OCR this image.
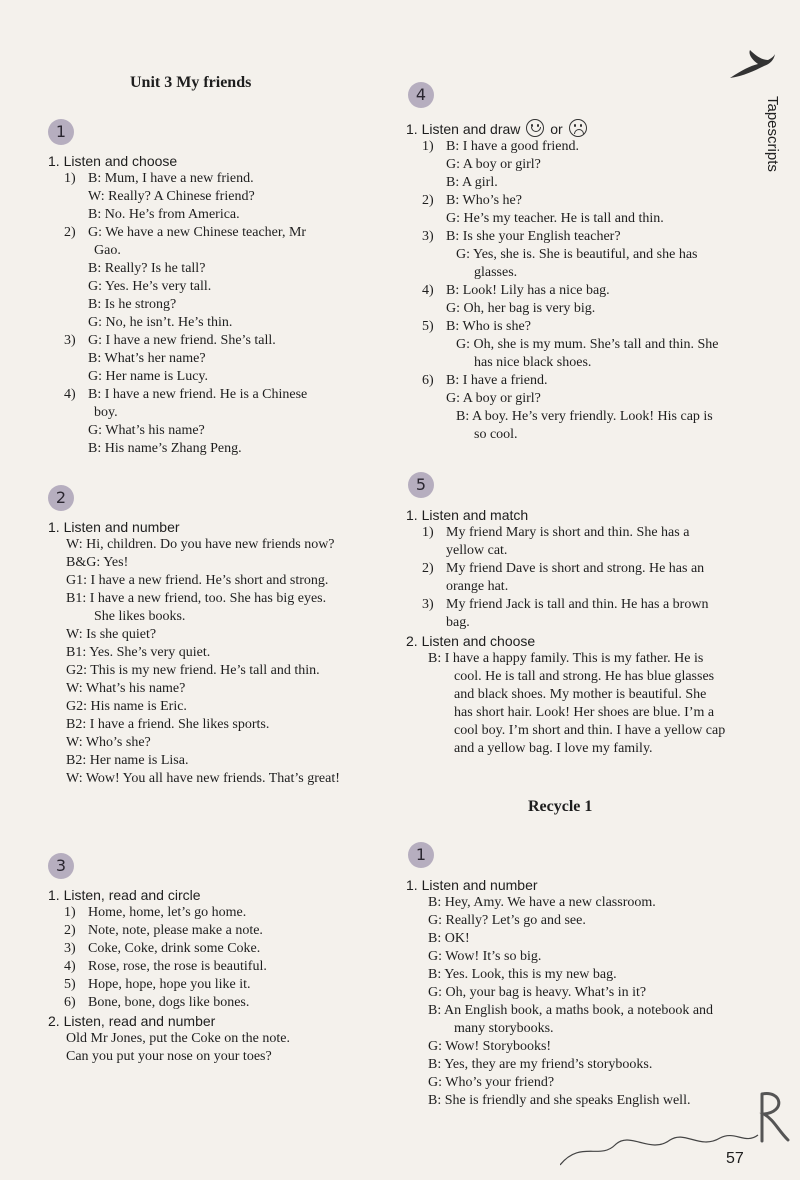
Tapescripts
Unit 3 My friends
1
1. Listen and choose
1) B: Mum, I have a new friend.
W: Really? A Chinese friend?
B: No. He’s from America.
2) G: We have a new Chinese teacher, Mr
Gao.
B: Really? Is he tall?
G: Yes. He’s very tall.
B: Is he strong?
G: No, he isn’t. He’s thin.
3) G: I have a new friend. She’s tall.
B: What’s her name?
G: Her name is Lucy.
4) B: I have a new friend. He is a Chinese
boy.
G: What’s his name?
B: His name’s Zhang Peng.
2
1. Listen and number
W: Hi, children. Do you have new friends now?
B&G: Yes!
G1: I have a new friend. He’s short and strong.
B1: I have a new friend, too. She has big eyes.
She likes books.
W: Is she quiet?
B1: Yes. She’s very quiet.
G2: This is my new friend. He’s tall and thin.
W: What’s his name?
G2: His name is Eric.
B2: I have a friend. She likes sports.
W: Who’s she?
B2: Her name is Lisa.
W: Wow! You all have new friends. That’s great!
3
1. Listen, read and circle
1) Home, home, let’s go home.
2) Note, note, please make a note.
3) Coke, Coke, drink some Coke.
4) Rose, rose, the rose is beautiful.
5) Hope, hope, hope you like it.
6) Bone, bone, dogs like bones.
2. Listen, read and number
Old Mr Jones, put the Coke on the note.
Can you put your nose on your toes?
4
1. Listen and draw or
1) B: I have a good friend.
G: A boy or girl?
B: A girl.
2) B: Who’s he?
G: He’s my teacher. He is tall and thin.
3) B: Is she your English teacher?
G: Yes, she is. She is beautiful, and she has glasses.
4) B: Look! Lily has a nice bag.
G: Oh, her bag is very big.
5) B: Who is she?
G: Oh, she is my mum. She’s tall and thin. She has nice black shoes.
6) B: I have a friend.
G: A boy or girl?
B: A boy. He’s very friendly. Look! His cap is so cool.
5
1. Listen and match
1) My friend Mary is short and thin. She has a yellow cat.
2) My friend Dave is short and strong. He has an orange hat.
3) My friend Jack is tall and thin. He has a brown bag.
2. Listen and choose
B: I have a happy family. This is my father. He is cool. He is tall and strong. He has blue glasses and black shoes. My mother is beautiful. She has short hair. Look! Her shoes are blue. I’m a cool boy. I’m short and thin. I have a yellow cap and a yellow bag. I love my family.
1
1. Listen and number
B: Hey, Amy. We have a new classroom.
G: Really? Let’s go and see.
B: OK!
G: Wow! It’s so big.
B: Yes. Look, this is my new bag.
G: Oh, your bag is heavy. What’s in it?
B: An English book, a maths book, a notebook and many storybooks.
G: Wow! Storybooks!
B: Yes, they are my friend’s storybooks.
G: Who’s your friend?
B: She is friendly and she speaks English well.
Recycle 1
57
